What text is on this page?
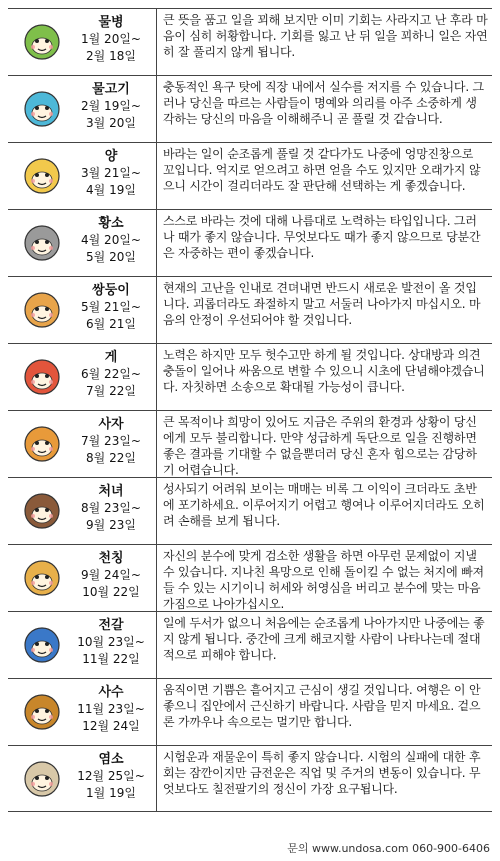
물병
1월 20일~
2월 18일
큰 뜻을 품고 일을 꾀해 보지만 이미 기회는 사라지고 난 후라 마음이 심히 허황합니다. 기회를 잃고 난 뒤 일을 꾀하니 일은 자연히 잘 풀리지 않게 됩니다.
물고기
2월 19일~
3월 20일
충동적인 욕구 탓에 직장 내에서 실수를 저지를 수 있습니다. 그러나 당신을 따르는 사람들이 명예와 의리를 아주 소중하게 생각하는 당신의 마음을 이해해주니 곧 풀릴 것 같습니다.
양
3월 21일~
4월 19일
바라는 일이 순조롭게 풀릴 것 같다가도 나중에 엉망진창으로 꼬입니다. 억지로 얻으려고 하면 얻을 수도 있지만 오래가지 않으니 시간이 걸리더라도 잘 판단해 선택하는 게 좋겠습니다.
황소
4월 20일~
5월 20일
스스로 바라는 것에 대해 나름대로 노력하는 타입입니다. 그러나 때가 좋지 않습니다. 무엇보다도 때가 좋지 않으므로 당분간은 자중하는 편이 좋겠습니다.
쌍둥이
5월 21일~
6월 21일
현재의 고난을 인내로 견뎌내면 반드시 새로운 발전이 올 것입니다. 괴롭더라도 좌절하지 말고 서둘러 나아가지 마십시오. 마음의 안정이 우선되어야 할 것입니다.
게
6월 22일~
7월 22일
노력은 하지만 모두 헛수고만 하게 될 것입니다. 상대방과 의견 충돌이 일어나 싸움으로 변할 수 있으니 시초에 단념해야겠습니다. 자칫하면 소송으로 확대될 가능성이 큽니다.
사자
7월 23일~
8월 22일
큰 목적이나 희망이 있어도 지금은 주위의 환경과 상황이 당신에게 모두 불리합니다. 만약 성급하게 독단으로 일을 진행하면 좋은 결과를 기대할 수 없을뿐더러 당신 혼자 힘으로는 감당하기 어렵습니다.
처녀
8월 23일~
9월 23일
성사되기 어려워 보이는 매매는 비록 그 이익이 크더라도 초반에 포기하세요. 이루어지기 어렵고 행여나 이루어지더라도 오히려 손해를 보게 됩니다.
천칭
9월 24일~
10월 22일
자신의 분수에 맞게 검소한 생활을 하면 아무런 문제없이 지낼 수 있습니다. 지나친 욕망으로 인해 돌이킬 수 없는 처지에 빠져들 수 있는 시기이니 허세와 허영심을 버리고 분수에 맞는 마음가짐으로 나아가십시오.
전갈
10월 23일~
11월 22일
일에 두서가 없으니 처음에는 순조롭게 나아가지만 나중에는 좋지 않게 됩니다. 중간에 크게 해코지할 사람이 나타나는데 절대적으로 피해야 합니다.
사수
11월 23일~
12월 24일
움직이면 기쁨은 흩어지고 근심이 생길 것입니다. 여행은 이 안 좋으니 집안에서 근신하기 바랍니다. 사람을 믿지 마세요. 겉으론 가까우나 속으로는 멀기만 합니다.
염소
12월 25일~
1월 19일
시험운과 재물운이 특히 좋지 않습니다. 시험의 실패에 대한 후회는 잠깐이지만 금전운은 직업 및 주거의 변동이 있습니다. 무엇보다도 칠전팔기의 정신이 가장 요구됩니다.
문의 www.undosa.com 060-900-6406
